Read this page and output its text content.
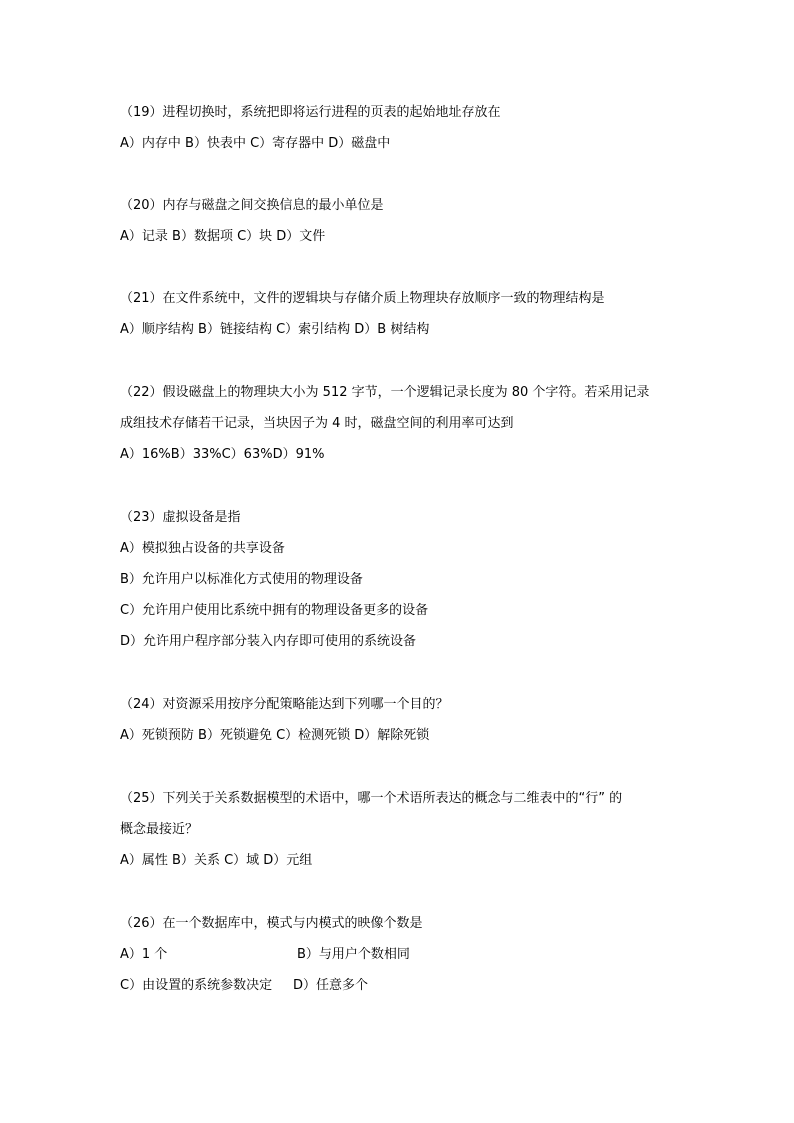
（19）进程切换时，系统把即将运行进程的页表的起始地址存放在
A）内存中 B）快表中 C）寄存器中 D）磁盘中
（20）内存与磁盘之间交换信息的最小单位是
A）记录 B）数据项 C）块 D）文件
（21）在文件系统中，文件的逻辑块与存储介质上物理块存放顺序一致的物理结构是
A）顺序结构 B）链接结构 C）索引结构 D）B 树结构
（22）假设磁盘上的物理块大小为 512 字节，一个逻辑记录长度为 80 个字符。若采用记录
成组技术存储若干记录，当块因子为 4 时，磁盘空间的利用率可达到
A）16%B）33%C）63%D）91%
（23）虚拟设备是指
A）模拟独占设备的共享设备
B）允许用户以标准化方式使用的物理设备
C）允许用户使用比系统中拥有的物理设备更多的设备
D）允许用户程序部分装入内存即可使用的系统设备
（24）对资源采用按序分配策略能达到下列哪一个目的？
A）死锁预防 B）死锁避免 C）检测死锁 D）解除死锁
（25）下列关于关系数据模型的术语中，哪一个术语所表达的概念与二维表中的“行” 的
概念最接近？
A）属性 B）关系 C）域 D）元组
（26）在一个数据库中，模式与内模式的映像个数是
A）1 个	B）与用户个数相同
C）由设置的系统参数决定 D）任意多个
